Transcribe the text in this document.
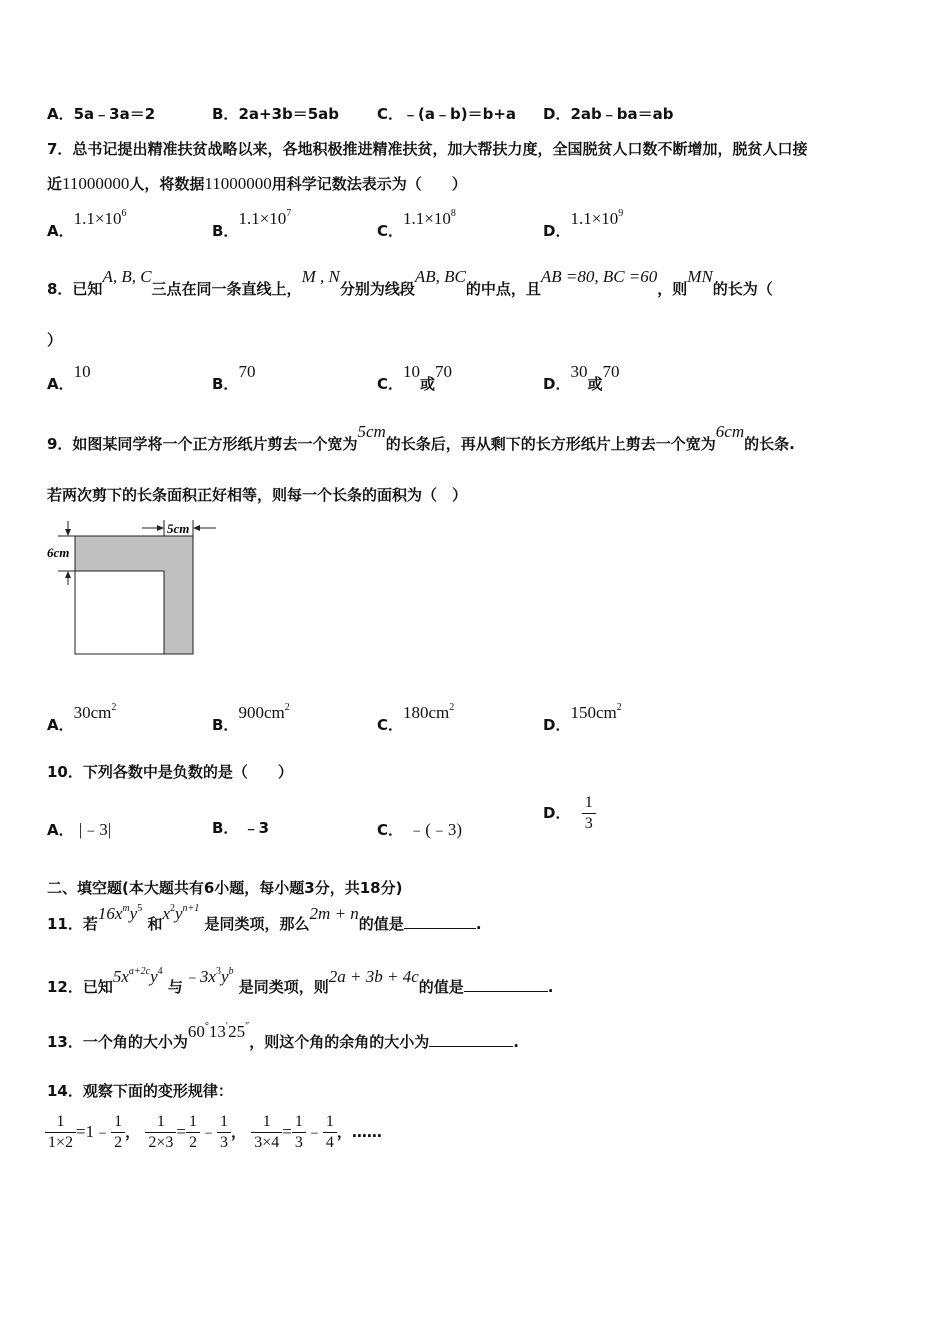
A．5a﹣3a＝2	B．2a+3b＝5ab	C．﹣(a﹣b)＝b+a D．2ab﹣ba＝ab
7．总书记提出精准扶贫战略以来，各地积极推进精准扶贫，加大帮扶力度，全国脱贫人口数不断增加，脱贫人口接
近11000000人，将数据11000000用科学记数法表示为（　　）
A．$1.1\times 10^6$
B．$1.1\times 10^7$
C．$1.1\times 10^8$
D．$1.1\times 10^9$
8．已知A, B, C三点在同一条直线上，M , N分别为线段AB, BC的中点，且AB =80, BC =60，则MN的长为（
）
A．10
B．70
C．10或70
D．30或70
9．如图某同学将一个正方形纸片剪去一个宽为5cm的长条后，再从剩下的长方形纸片上剪去一个宽为6cm的长条.
若两次剪下的长条面积正好相等，则每一个长条的面积为（　）
5cm
6cm
A．$30cm^2$
B．$900cm^2$
C．$180cm^2$
D．$150cm^2$
10．下列各数中是负数的是（　　）
A． |﹣3|	B． ﹣3	C． ﹣(﹣3)
D． $\frac{1}{3}$
二、填空题(本大题共有6小题，每小题3分，共18分)
11．若$16x^my^5$ 和$x^2y^{n+1}$ 是同类项，那么2m + n的值是	.
12．已知$5x^{a+2c}y^4$ 与$﹣3x^3y^b$ 是同类项，则2a + 3b + 4c的值是	.
13．一个角的大小为60°13′25″，则这个角的余角的大小为	.
14．观察下面的变形规律：
$\frac{1}{1\times 2}$ =1﹣ $\frac{1}{2}$ ， $\frac{1}{2\times 3} = \frac{1}{2}$ ﹣ $\frac{1}{3}$ ， $\frac{1}{3\times 4} = \frac{1}{3}$ ﹣ $\frac{1}{4}$ ，……
